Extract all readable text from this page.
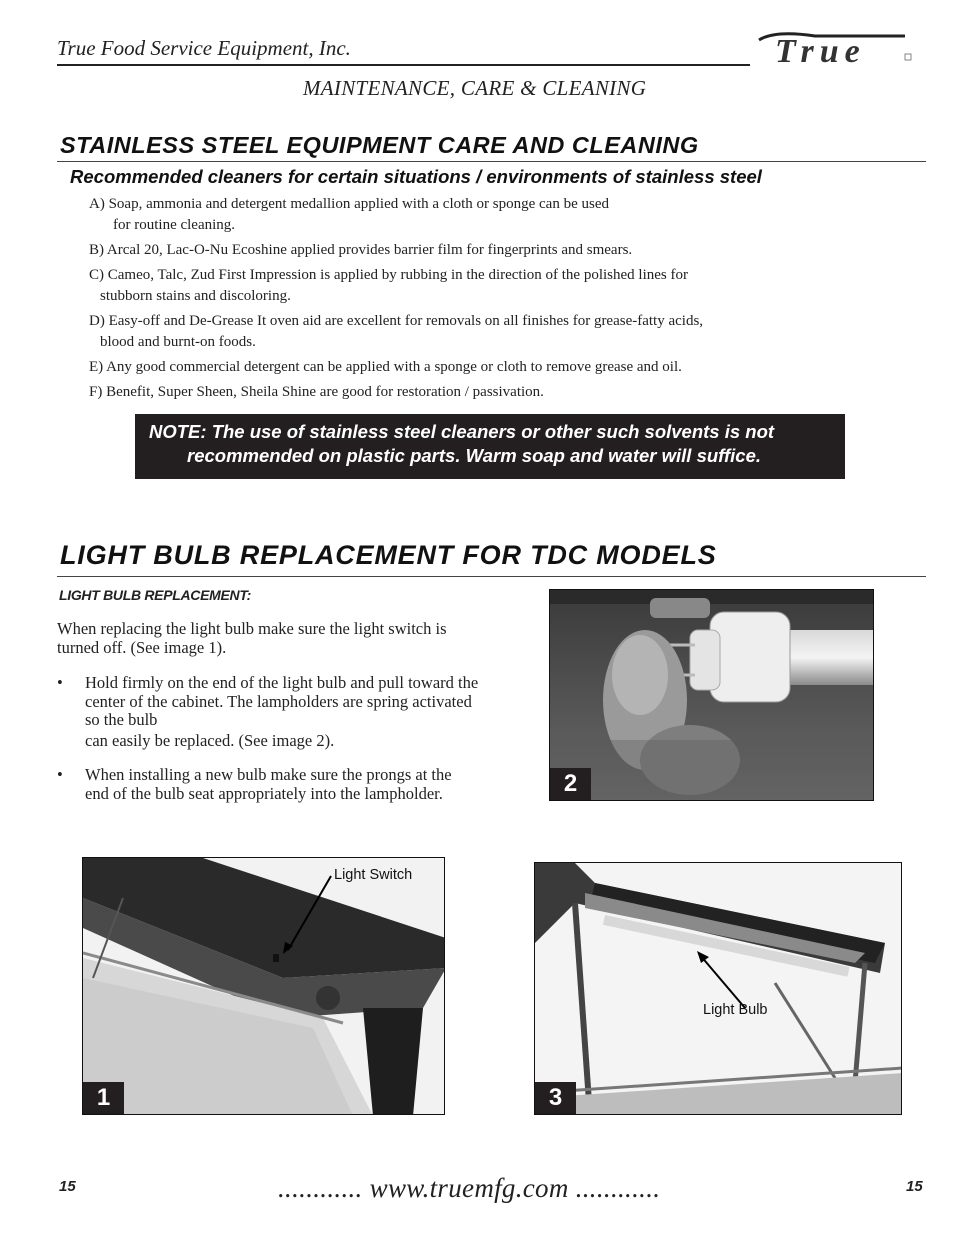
True Food Service Equipment, Inc.	True
MAINTENANCE, CARE & CLEANING
STAINLESS STEEL EQUIPMENT CARE AND CLEANING
Recommended cleaners for certain situations / environments of stainless steel
A) Soap, ammonia and detergent medallion applied with a cloth or sponge can be used
for routine cleaning.
B) Arcal 20, Lac-O-Nu Ecoshine applied provides barrier film for fingerprints and smears.
C) Cameo, Talc, Zud First Impression is applied by rubbing in the direction of the polished lines for
stubborn stains and discoloring.
D) Easy-off and De-Grease It oven aid are excellent for removals on all finishes for grease-fatty acids,
blood and burnt-on foods.
E) Any good commercial detergent can be applied with a sponge or cloth to remove grease and oil.
F) Benefit, Super Sheen, Sheila Shine are good for restoration / passivation.
NOTE: The use of stainless steel cleaners or other such solvents is not
recommended on plastic parts. Warm soap and water will suffice.
LIGHT BULB REPLACEMENT FOR TDC MODELS
LIGHT BULB REPLACEMENT:
When replacing the light bulb make sure the light switch is turned off. (See image 1).
• Hold firmly on the end of the light bulb and pull toward the center of the cabinet. The lampholders are spring activated so the bulb
can easily be replaced. (See image 2).
• When installing a new bulb make sure the prongs at the end of the bulb seat appropriately into the lampholder.	2
Light Switch
1
Light Bulb
3
15	............ www.truemfg.com ............	15
